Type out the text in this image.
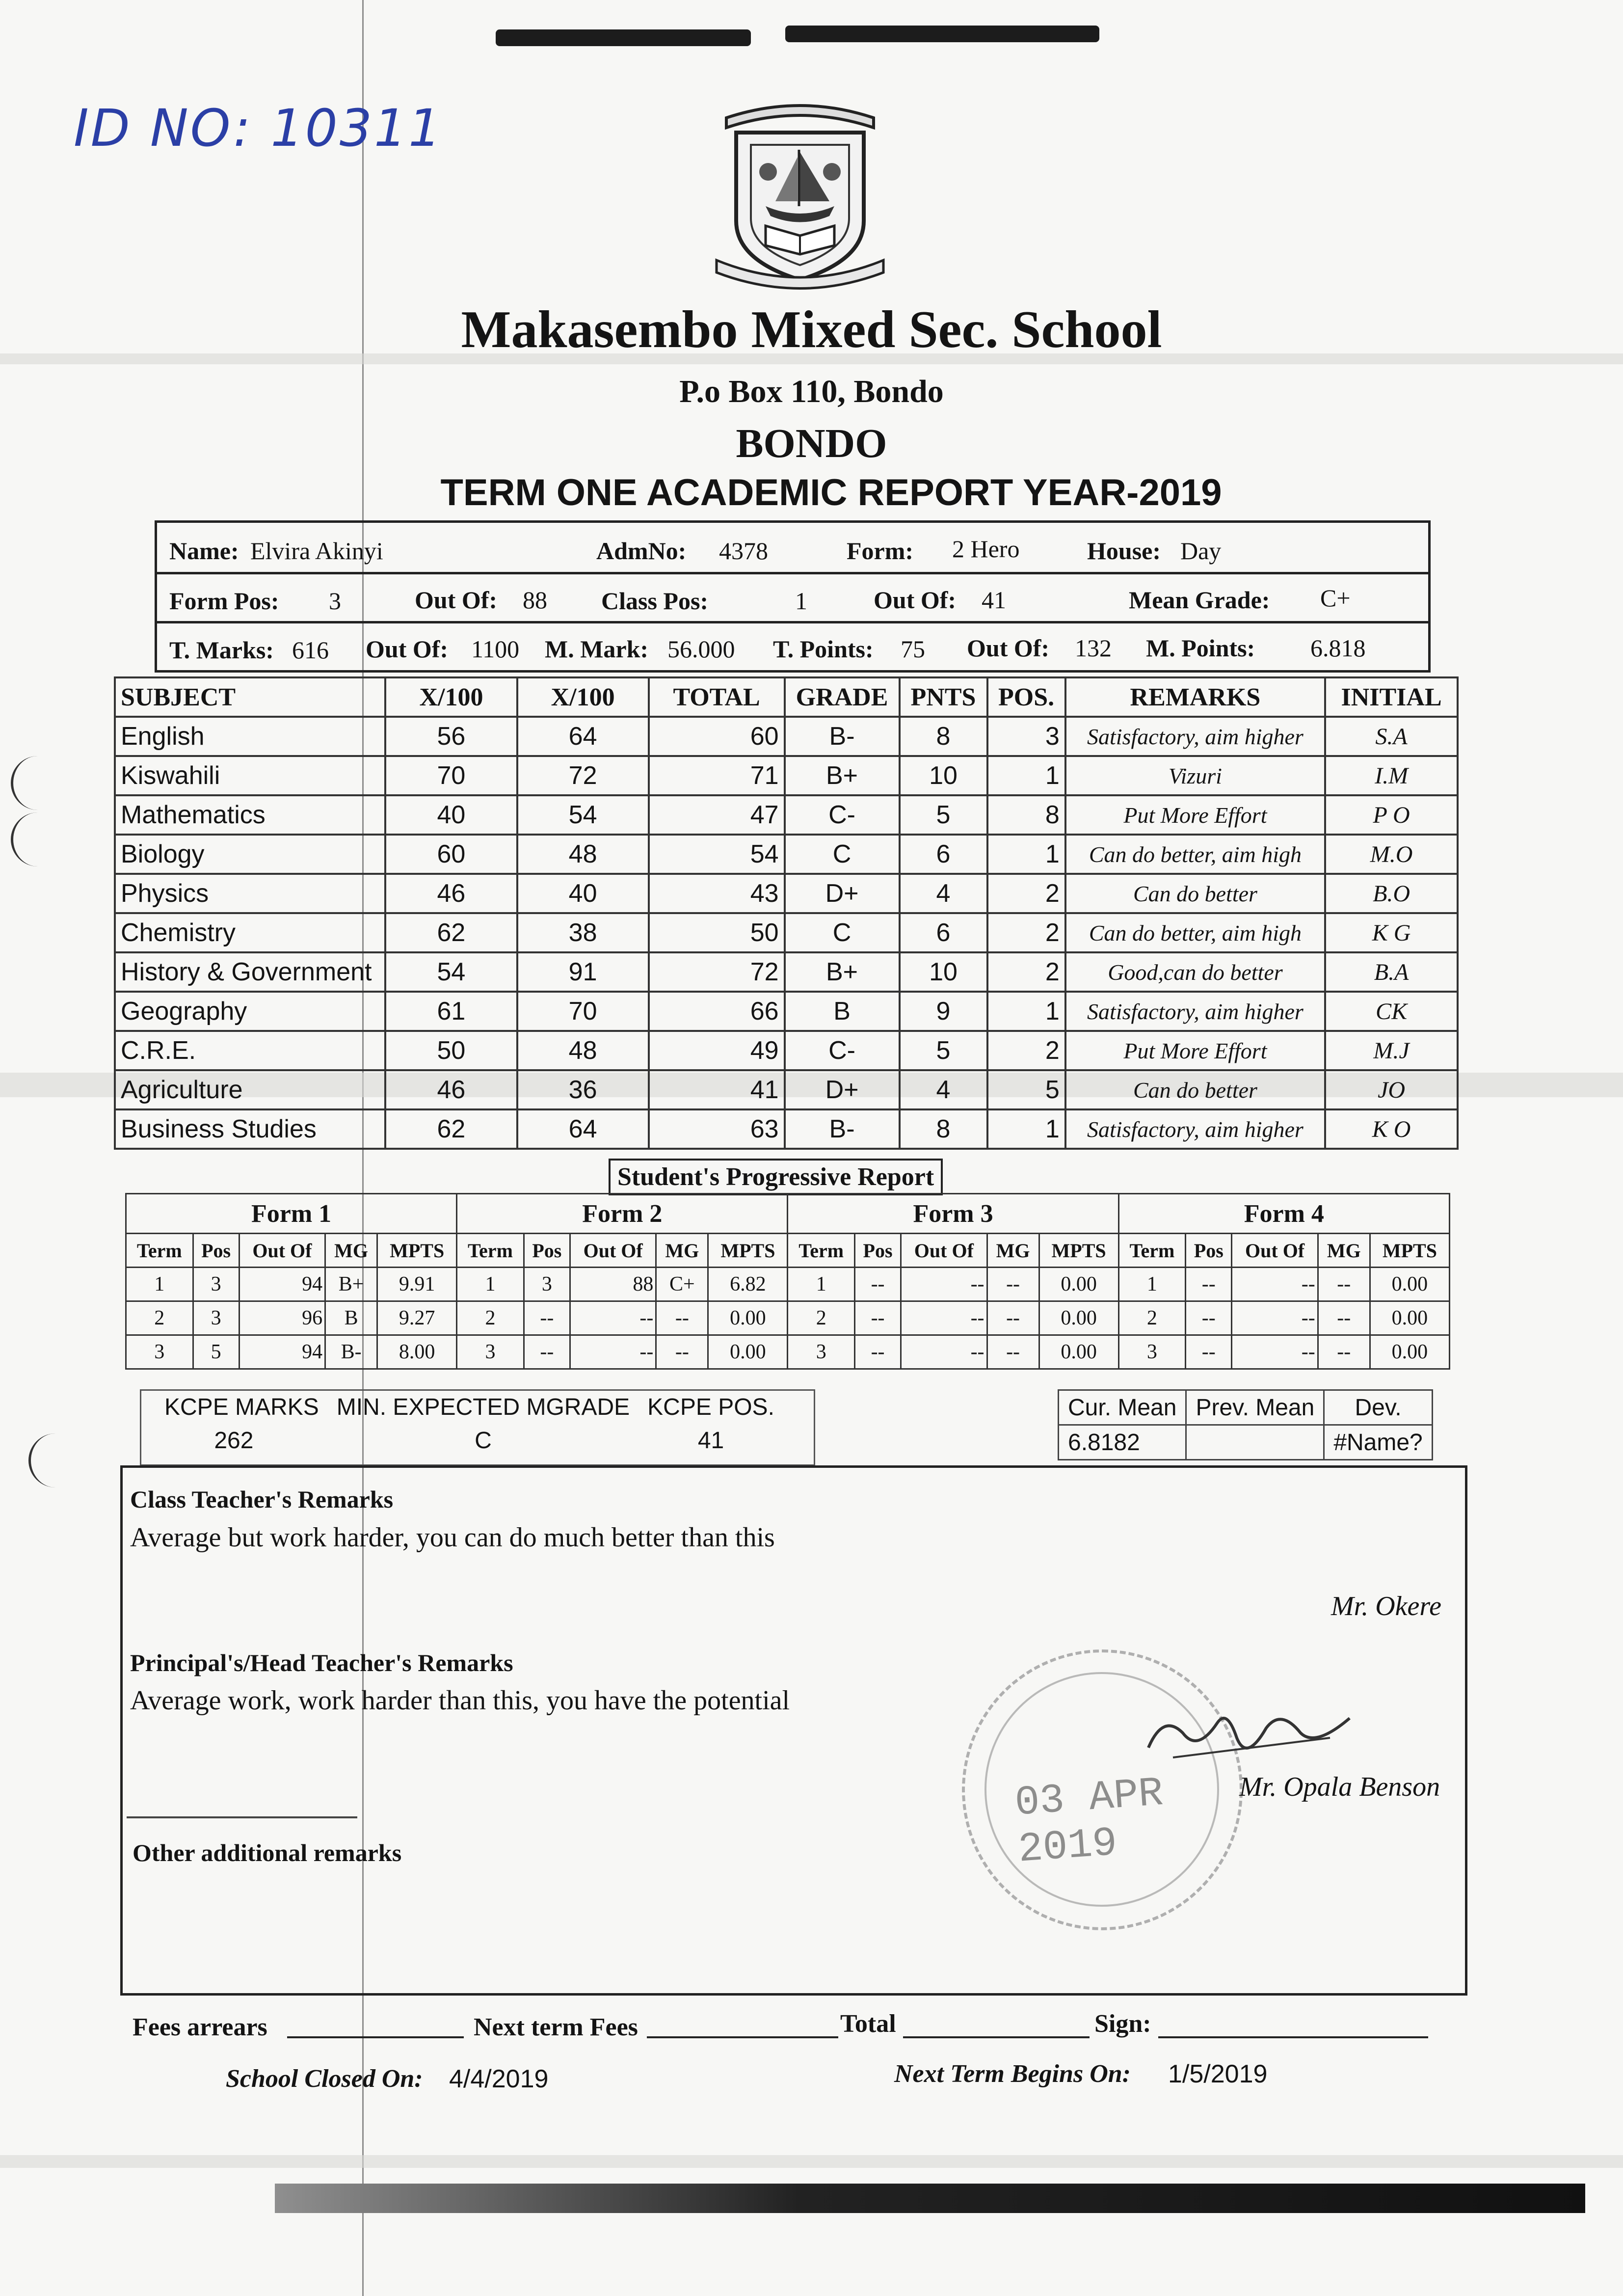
ID NO: 10311
Makasembo Mixed Sec. School
P.o Box 110, Bondo
BONDO
TERM ONE ACADEMIC REPORT YEAR-2019
Name: Elvira Akinyi	AdmNo: 4378	Form: 2 Hero	House: Day
Form Pos: 3	Out Of: 88 Class Pos:	1	Out Of: 41	Mean Grade: C+
T. Marks: 616 Out Of: 1100 M. Mark: 56.000 T. Points: 75 Out Of: 132 M. Points: 6.818
SUBJECT	X/100	X/100	TOTAL	GRADE	PNTS	POS.	REMARKS	INITIAL
English	56	64	60	B-	8	3	Satisfactory, aim higher	S.A
Kiswahili	70	72	71	B+	10	1	Vizuri	I.M
Mathematics	40	54	47	C-	5	8	Put More Effort	P O
Biology	60	48	54	C	6	1	Can do better, aim high	M.O
Physics	46	40	43	D+	4	2	Can do better	B.O
Chemistry	62	38	50	C	6	2	Can do better, aim high	K G
History & Government	54	91	72	B+	10	2	Good,can do better	B.A
Geography	61	70	66	B	9	1	Satisfactory, aim higher	CK
C.R.E.	50	48	49	C-	5	2	Put More Effort	M.J
Agriculture	46	36	41	D+	4	5	Can do better	JO
Business Studies	62	64	63	B-	8	1	Satisfactory, aim higher	K O
Student's Progressive Report
Form 1					Form 2					Form 3					Form 4				
Term	Pos	Out Of	MG	MPTS	Term	Pos	Out Of	MG	MPTS	Term	Pos	Out Of	MG	MPTS	Term	Pos	Out Of	MG	MPTS
1	3	94	B+	9.91	1	3	88	C+	6.82	1	--	--	--	0.00	1	--	--	--	0.00
2	3	96	B	9.27	2	--	--	--	0.00	2	--	--	--	0.00	2	--	--	--	0.00
3	5	94	B-	8.00	3	--	--	--	0.00	3	--	--	--	0.00	3	--	--	--	0.00
KCPE MARKS	MIN. EXPECTED MGRADE	KCPE POS.
262	C	41
Cur. Mean	Prev. Mean	Dev.
6.8182		#Name?
Class Teacher's Remarks
Average but work harder, you can do much better than this
Mr. Okere
Principal's/Head Teacher's Remarks
Average work, work harder than this, you have the potential
03 APR 2019
Mr. Opala Benson
Other additional remarks
Fees arrears	Next term Fees	Total	Sign:
School Closed On: 4/4/2019	Next Term Begins On: 1/5/2019
